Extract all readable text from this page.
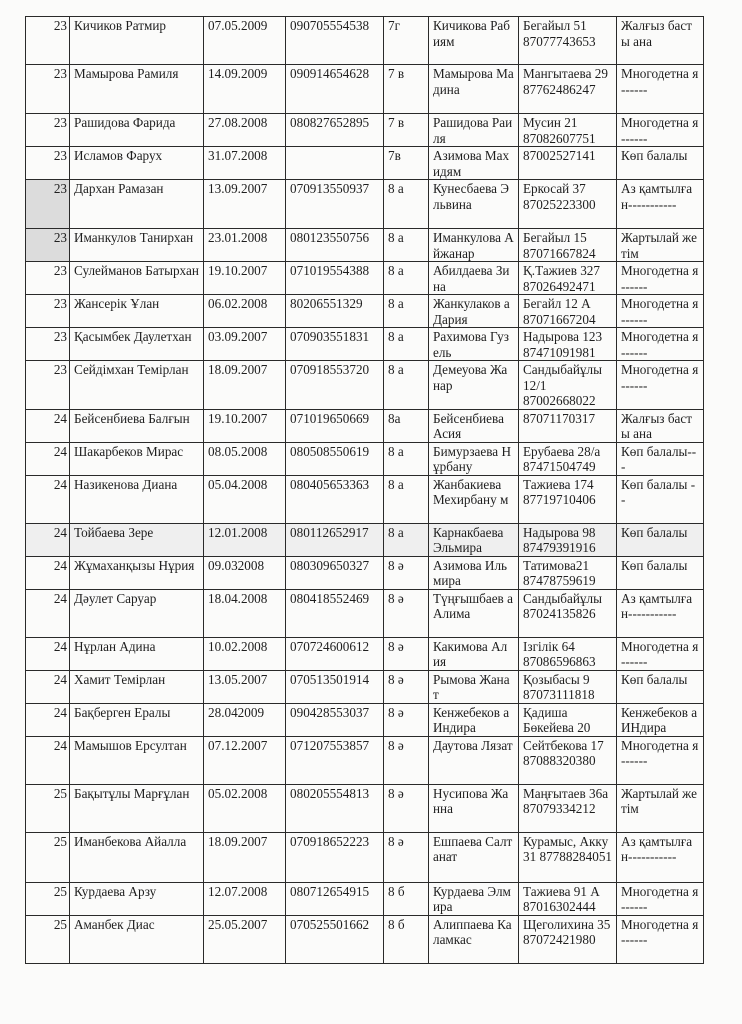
23	Кичиков Ратмир	07.05.2009	090705554538	7г	Кичикова Рабиям	Бегайыл 51 87077743653	Жалғыз басты ана
23	Мамырова Рамиля	14.09.2009	090914654628	7 в	Мамырова Мадина	Мангытаева 29 87762486247	Многодетна я------
23	Рашидова Фарида	27.08.2008	080827652895	7 в	Рашидова Раиля	Мусин 21 87082607751	Многодетна я------
23	Исламов Фарух	31.07.2008		7в	Азимова Махидям	87002527141	Көп балалы
23	Дархан Рамазан	13.09.2007	070913550937	8 а	Кунесбаева Эльвина	Еркосай 37 87025223300	Аз қамтылған-----------
23	Иманкулов Танирхан	23.01.2008	080123550756	8 а	Иманкулова Айжанар	Бегайыл 15 87071667824	Жартылай жетім
23	Сулейманов Батырхан	19.10.2007	071019554388	8 а	Абилдаева Зина	Қ.Тажиев 327 87026492471	Многодетна я------
23	Жансерік Ұлан	06.02.2008	80206551329	8 а	Жанкулаков а Дария	Бегайл 12 А 87071667204	Многодетна я------
23	Қасымбек Даулетхан	03.09.2007	070903551831	8 а	Рахимова Гузель	Надырова 123 87471091981	Многодетна я------
23	Сейдімхан Темірлан	18.09.2007	070918553720	8 а	Демеуова Жанар	Сандыбайұлы 12/1 87002668022	Многодетна я------
24	Бейсенбиева Балғын	19.10.2007	071019650669	8а	Бейсенбиева Асия	87071170317	Жалғыз басты ана
24	Шакарбеков Мирас	08.05.2008	080508550619	8 а	Бимурзаева Нұрбану	Ерубаева 28/а 87471504749	Көп балалы---
24	Назикенова Диана	05.04.2008	080405653363	8 а	Жанбакиева Мехирбану м	Тажиева 174 87719710406	Көп балалы --
24	Тойбаева Зере	12.01.2008	080112652917	8 а	Карнакбаева Эльмира	Надырова 98 87479391916	Көп балалы
24	Жұмаханқызы Нұрия	09.032008	080309650327	8 ә	Азимова Ильмира	Татимова21 87478759619	Көп балалы
24	Дәулет Саруар	18.04.2008	080418552469	8 ә	Түңғышбаев а Алима	Сандыбайұлы 87024135826	Аз қамтылған-----------
24	Нұрлан Адина	10.02.2008	070724600612	8 ә	Какимова Алия	Ізгілік 64 87086596863	Многодетна я------
24	Хамит Темірлан	13.05.2007	070513501914	8 ә	Рымова Жанат	Қозыбасы 9 87073111818	Көп балалы
24	Бақберген Ералы	28.042009	090428553037	8 ә	Кенжебеков а Индира	Қадиша Бөкейева 20	Кенжебеков а ИНдира
24	Мамышов Ерсултан	07.12.2007	071207553857	8 ә	Даутова Лязат	Сейтбекова 17 87088320380	Многодетна я------
25	Бақытұлы Марғұлан	05.02.2008	080205554813	8 ә	Нусипова Жанна	Маңғытаев 36а 87079334212	Жартылай жетім
25	Иманбекова Айалла	18.09.2007	070918652223	8 ә	Ешпаева Салтанат	Курамыс, Акку 31 87788284051	Аз қамтылған-----------
25	Курдаева Арзу	12.07.2008	080712654915	8 б	Курдаева Элмира	Тажиева 91 А 87016302444	Многодетна я------
25	Аманбек Диас	25.05.2007	070525501662	8 б	Алиппаева Каламкас	Щеголихина 35 87072421980	Многодетна я------
